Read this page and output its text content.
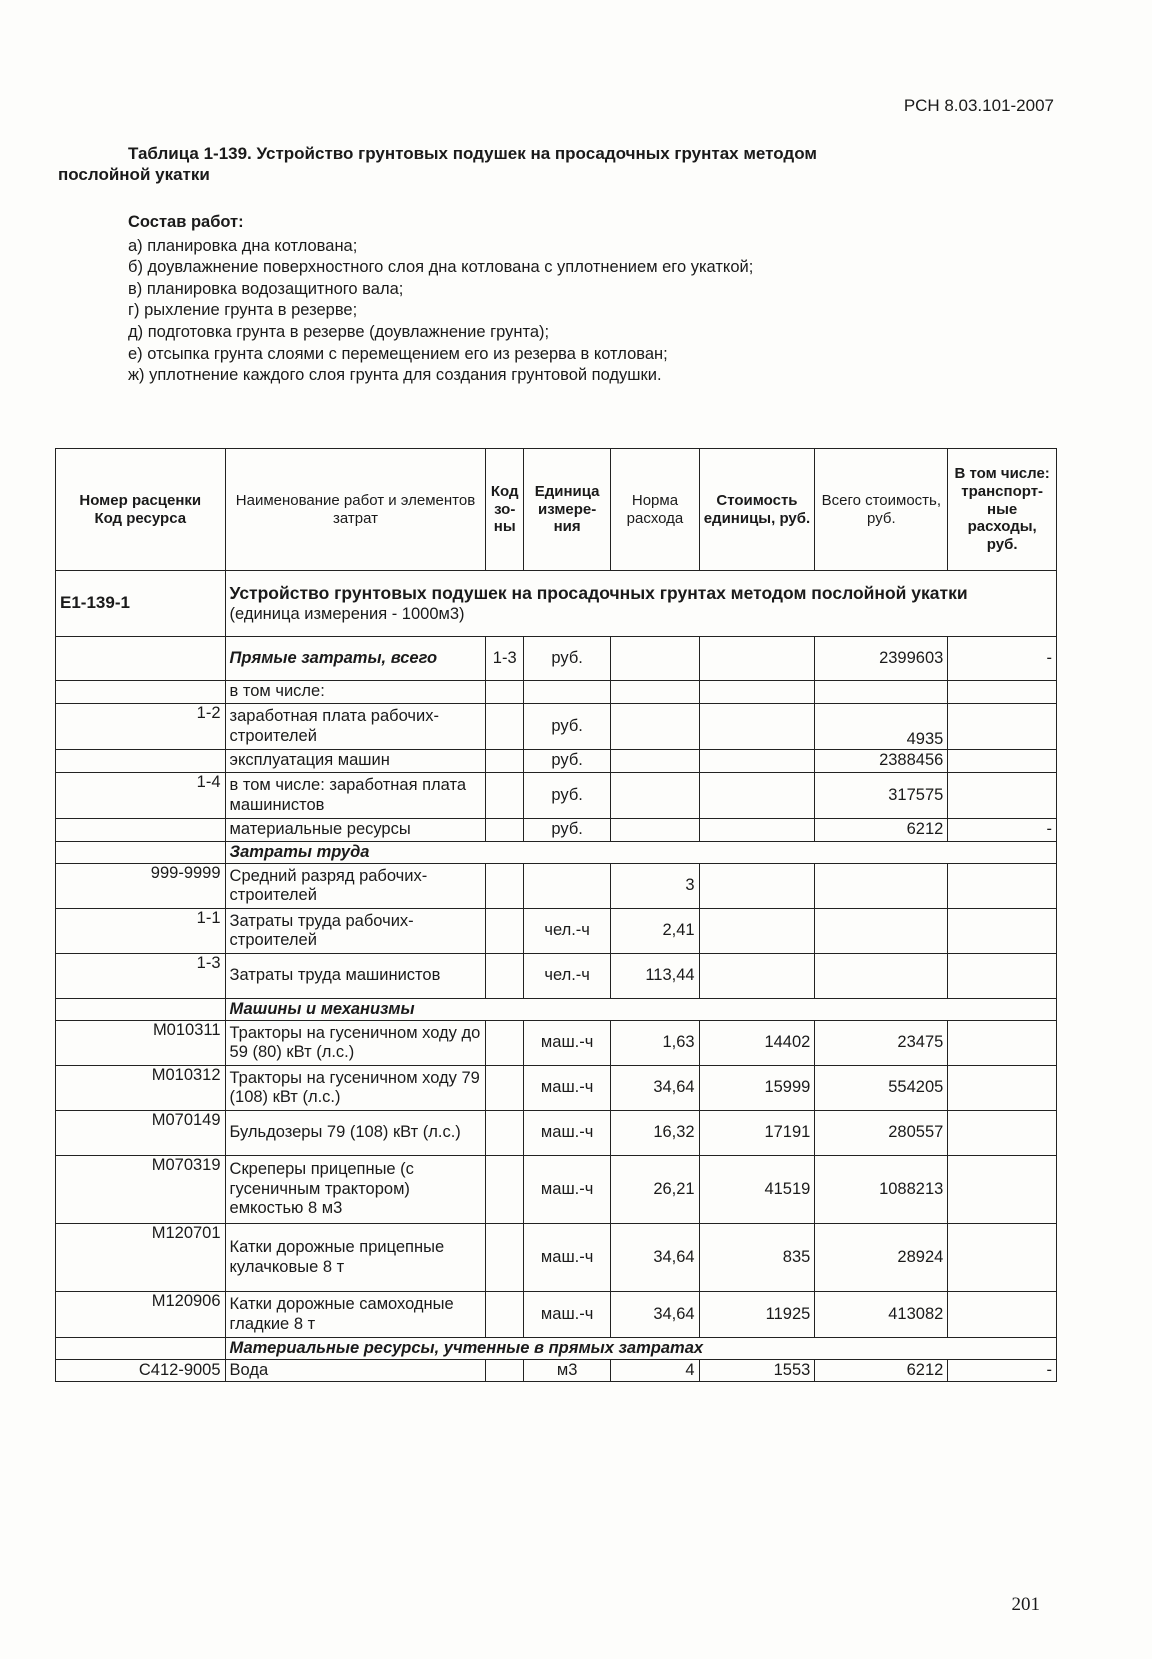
РСН 8.03.101-2007
Таблица 1-139. Устройство грунтовых подушек на просадочных грунтах методом
послойной укатки
Состав работ:
а) планировка дна котлована;
б) доувлажнение поверхностного слоя дна котлована с уплотнением его укаткой;
в) планировка водозащитного вала;
г) рыхление грунта в резерве;
д) подготовка грунта в резерве (доувлажнение грунта);
е) отсыпка грунта слоями с перемещением его из резерва в котлован;
ж) уплотнение каждого слоя грунта для создания грунтовой подушки.
Номер расценки
Код ресурса	Наименование работ и элементов затрат	Код зо-ны	Единица измере-ния	Норма расхода	Стоимость единицы, руб.	Всего стоимость, руб.	В том числе: транспорт-ные расходы, руб.
Е1-139-1	Устройство грунтовых подушек на просадочных грунтах методом послойной укатки
(единица измерения - 1000м3)						
	Прямые затраты, всего	1-3	руб.			2399603	-
	в том числе:						
1-2	заработная плата рабочих-строителей		руб.			4935	
	эксплуатация машин		руб.			2388456	
1-4	в том числе: заработная плата машинистов		руб.			317575	
	материальные ресурсы		руб.			6212	-
	Затраты труда						
999-9999	Средний разряд рабочих-строителей			3			
1-1	Затраты труда рабочих-строителей		чел.-ч	2,41			
1-3	Затраты труда машинистов		чел.-ч	113,44			
	Машины и механизмы						
М010311	Тракторы на гусеничном ходу до 59 (80) кВт (л.с.)		маш.-ч	1,63	14402	23475	
М010312	Тракторы на гусеничном ходу 79 (108) кВт (л.с.)		маш.-ч	34,64	15999	554205	
М070149	Бульдозеры 79 (108) кВт (л.с.)		маш.-ч	16,32	17191	280557	
М070319	Скреперы прицепные (с гусеничным трактором) емкостью 8 м3		маш.-ч	26,21	41519	1088213	
М120701	Катки дорожные прицепные кулачковые 8 т		маш.-ч	34,64	835	28924	
М120906	Катки дорожные самоходные гладкие 8 т		маш.-ч	34,64	11925	413082	
	Материальные ресурсы, учтенные в прямых затратах						
С412-9005	Вода		м3	4	1553	6212	-
201
